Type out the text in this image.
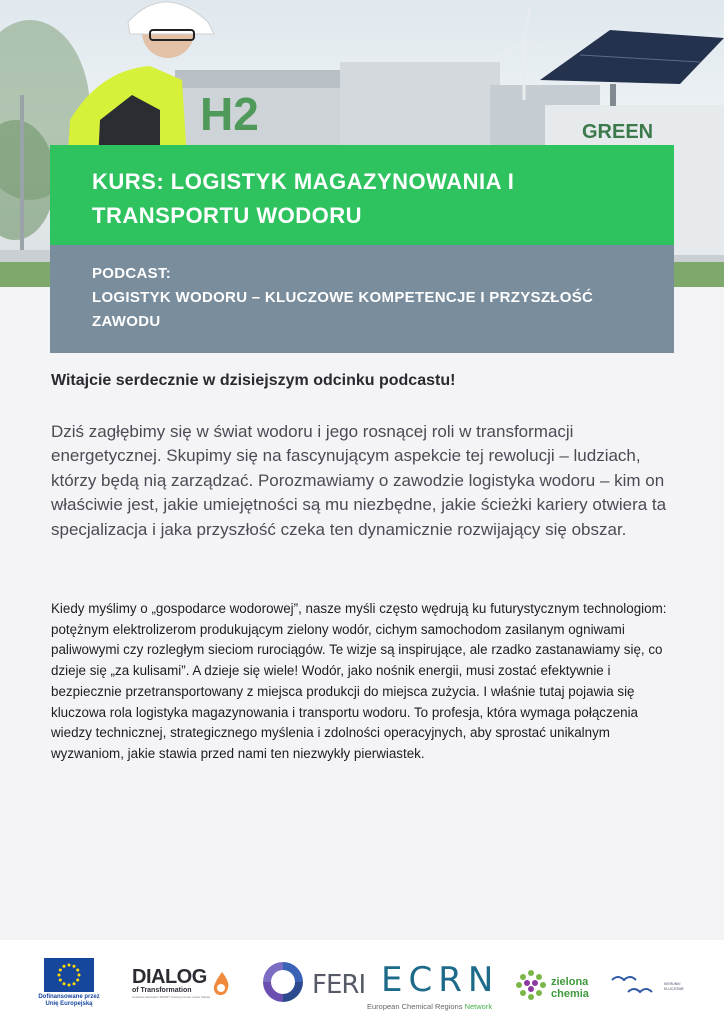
H2	GREEN
KURS: LOGISTYK MAGAZYNOWANIA I TRANSPORTU WODORU

PODCAST:

LOGISTYK WODORU – KLUCZOWE KOMPETENCJE I PRZYSZŁOŚĆ ZAWODU

Witajcie serdecznie w dzisiejszym odcinku podcastu!

Dziś zagłębimy się w świat wodoru i jego rosnącej roli w transformacji energetycznej. Skupimy się na fascynującym aspekcie tej rewolucji – ludziach, którzy będą nią zarządzać. Porozmawiamy o zawodzie logistyka wodoru – kim on właściwie jest, jakie umiejętności są mu niezbędne, jakie ścieżki kariery otwiera ta specjalizacja i jaka przyszłość czeka ten dynamicznie rozwijający się obszar.

Kiedy myślimy o „gospodarce wodorowej”, nasze myśli często wędrują ku futurystycznym technologiom: potężnym elektrolizerom produkującym zielony wodór, cichym samochodom zasilanym ogniwami paliwowymi czy rozległym sieciom rurociągów. Te wizje są inspirujące, ale rzadko zastanawiamy się, co dzieje się „za kulisami”. A dzieje się wiele! Wodór, jako nośnik energii, musi zostać efektywnie i bezpiecznie przetransportowany z miejsca produkcji do miejsca zużycia. I właśnie tutaj pojawia się kluczowa rola logistyka magazynowania i transportu wodoru. To profesja, która wymaga połączenia wiedzy technicznej, strategicznego myślenia i zdolności operacyjnych, aby sprostać unikalnym wyzwaniom, jakie stawia przed nami ten niezwykły pierwiastek.

Dofinansowane przez Unię Europejską
DIALOG
of Transformation
Cohesive Education SMART Training Centre Lower Silesia	FERI ECRN
European Chemical Regions Network
zielona chemia
KIERUNKI KLUCZOWE
